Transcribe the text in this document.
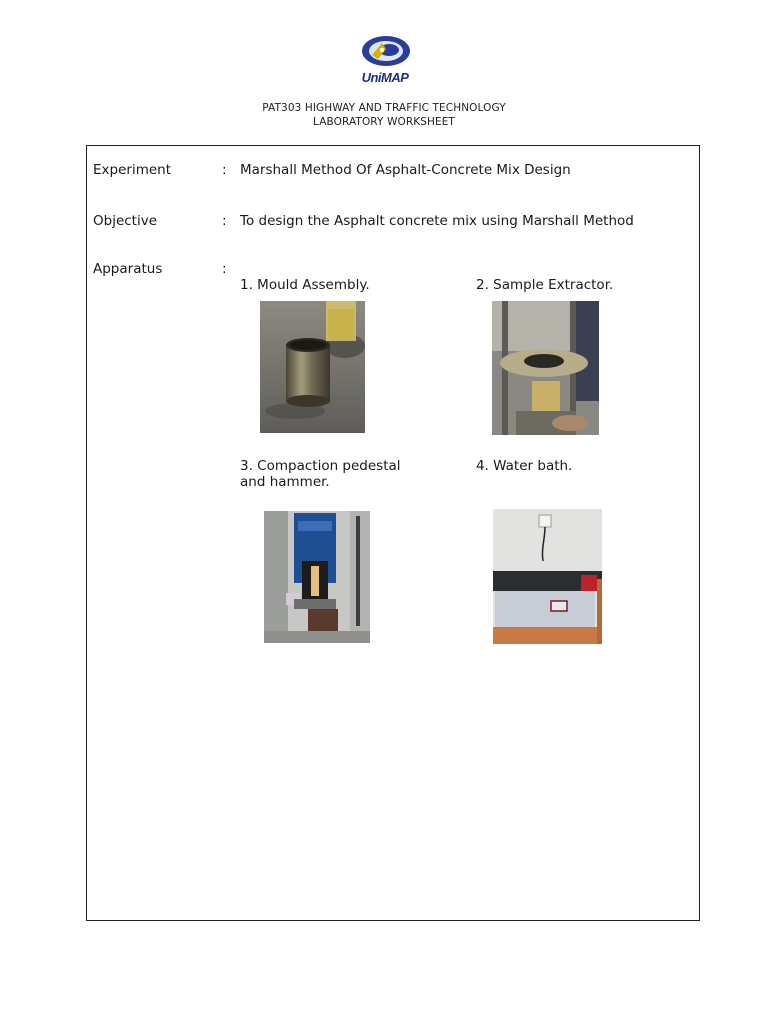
UniMAP
PAT303 HIGHWAY AND TRAFFIC TECHNOLOGY
LABORATORY WORKSHEET
Experiment	: Marshall Method Of Asphalt-Concrete Mix Design
Objective	: To design the Asphalt concrete mix using Marshall Method
Apparatus	:
1. Mould Assembly.	2. Sample Extractor.
3. Compaction pedestal
and hammer.
4. Water bath.
